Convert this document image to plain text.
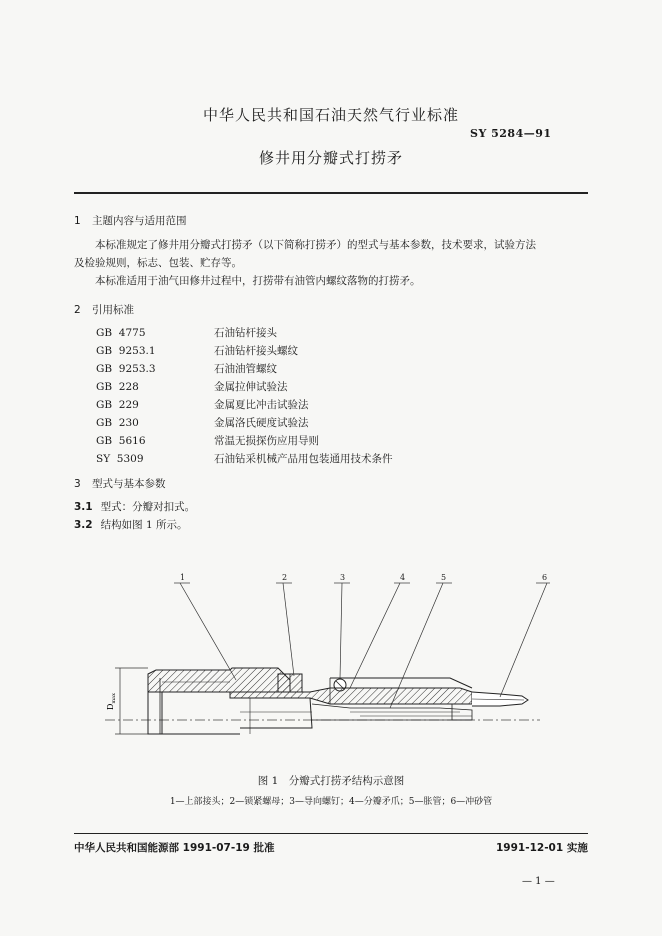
中华人民共和国石油天然气行业标准
SY 5284—91
修井用分瓣式打捞矛
1 主题内容与适用范围
本标准规定了修井用分瓣式打捞矛（以下简称打捞矛）的型式与基本参数，技术要求，试验方法
及检验规则，标志、包装、贮存等。
本标准适用于油气田修井过程中，打捞带有油管内螺纹落物的打捞矛。
2 引用标准
GB  4775	石油钻杆接头
GB  9253.1	石油钻杆接头螺纹
GB  9253.3	石油油管螺纹
GB  228	金属拉伸试验法
GB  229	金属夏比冲击试验法
GB  230	金属洛氏硬度试验法
GB  5616	常温无损探伤应用导则
SY  5309	石油钻采机械产品用包装通用技术条件
3 型式与基本参数
3.1 型式：分瓣对扣式。
3.2 结构如图 1 所示。
$D_{max}$
1	2	3	4	5	6
图 1　分瓣式打捞矛结构示意图
1—上部接头；2—锁紧螺母；3—导向螺钉；4—分瓣矛爪；5—胀管；6—冲砂管
中华人民共和国能源部 1991-07-19 批准	1991-12-01 实施
— 1 —
